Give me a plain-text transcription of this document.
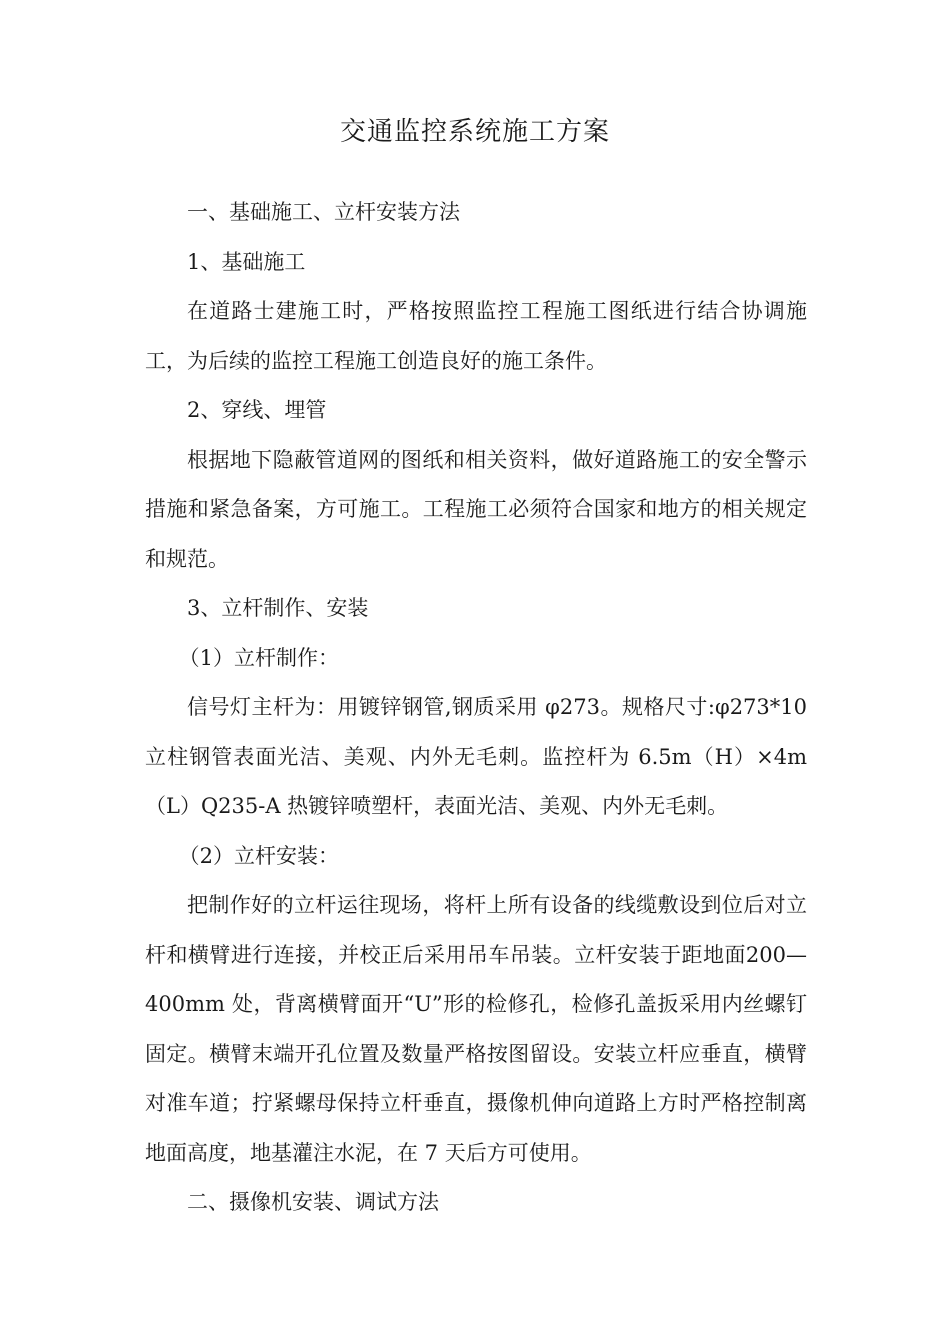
交通监控系统施工方案

一、基础施工、立杆安装方法

1、基础施工

在道路士建施工时，严格按照监控工程施工图纸进行结合协调施工，为后续的监控工程施工创造良好的施工条件。

2、穿线、埋管

根据地下隐蔽管道网的图纸和相关资料，做好道路施工的安全警示措施和紧急备案，方可施工。工程施工必须符合国家和地方的相关规定和规范。

3、立杆制作、安装

（1）立杆制作：

信号灯主杆为：用镀锌钢管,钢质采用 φ273。规格尺寸:φ273*10立柱钢管表面光洁、美观、内外无毛刺。监控杆为 6.5m（H）×4m（L）Q235-A 热镀锌喷塑杆，表面光洁、美观、内外无毛刺。

（2）立杆安装：

把制作好的立杆运往现场，将杆上所有设备的线缆敷设到位后对立杆和横臂进行连接，并校正后采用吊车吊装。立杆安装于距地面200—400mm 处，背离横臂面开“U”形的检修孔，检修孔盖扳采用内丝螺钉固定。横臂末端开孔位置及数量严格按图留设。安装立杆应垂直，横臂对准车道；拧紧螺母保持立杆垂直，摄像机伸向道路上方时严格控制离地面高度，地基灌注水泥，在 7 天后方可使用。

二、摄像机安装、调试方法
